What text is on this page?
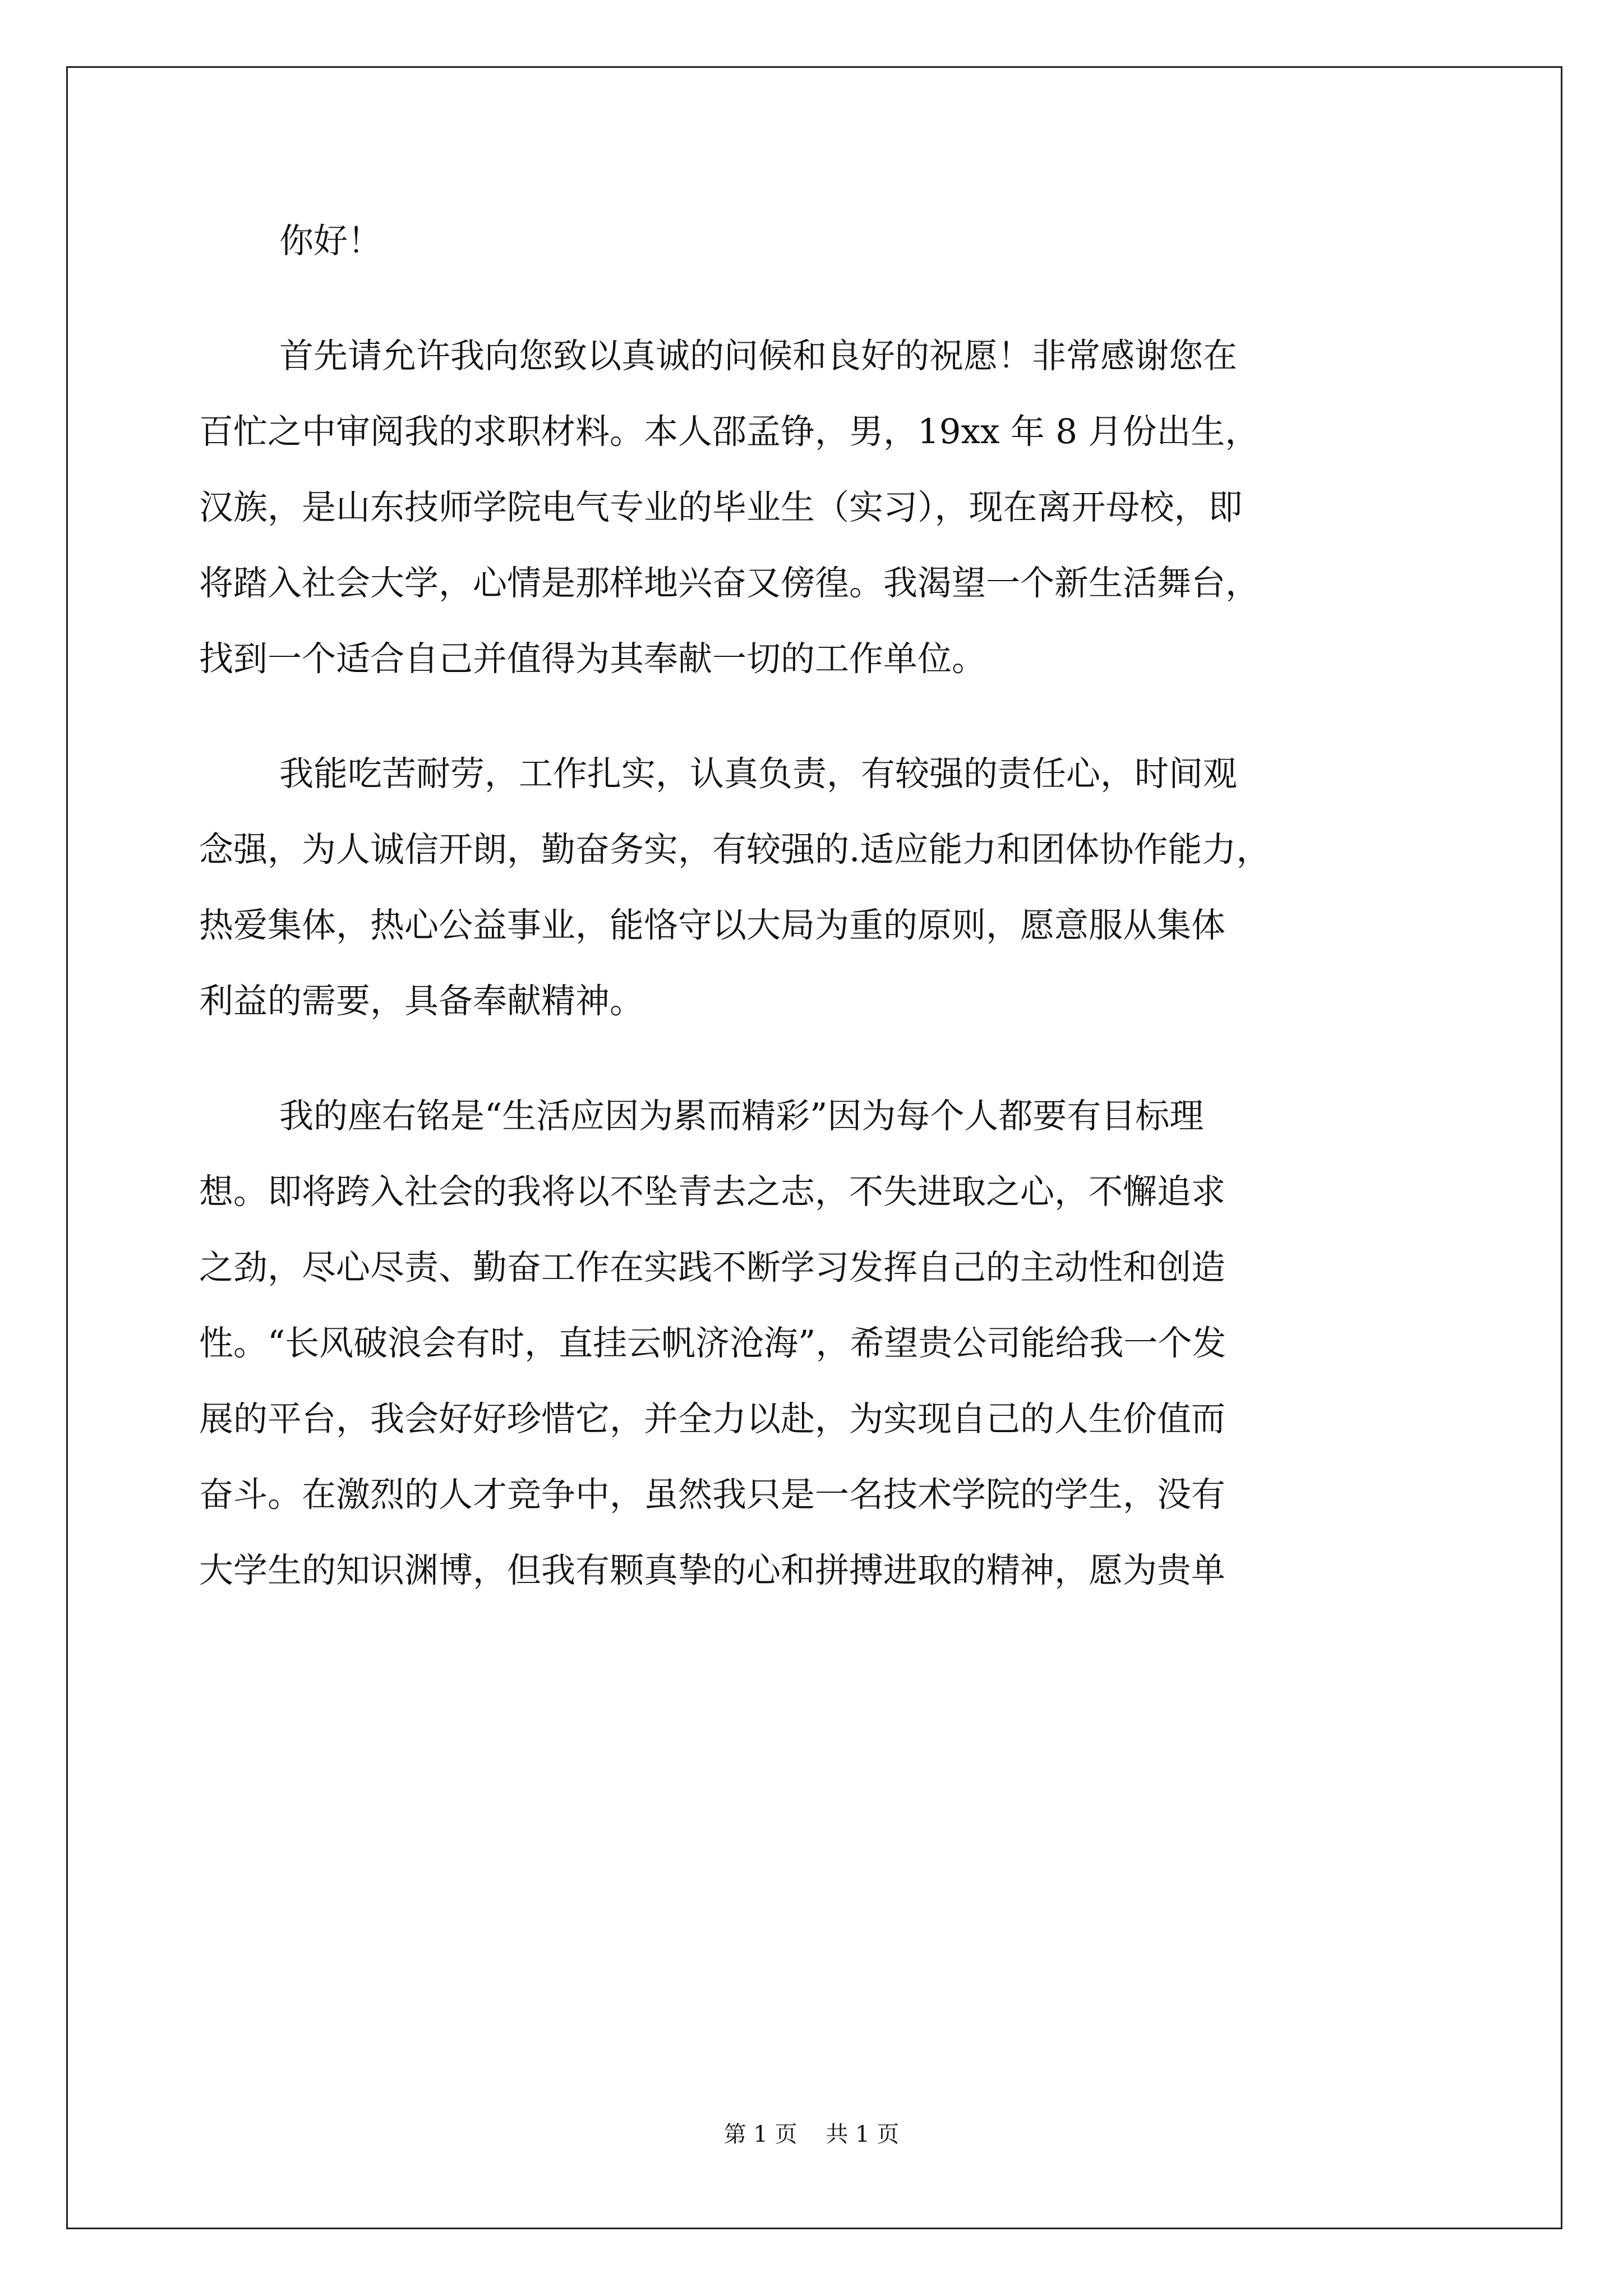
你好！
首先请允许我向您致以真诚的问候和良好的祝愿！非常感谢您在
百忙之中审阅我的求职材料。本人邵孟铮，男，19xx 年 8 月份出生，
汉族，是山东技师学院电气专业的毕业生（实习），现在离开母校，即
将踏入社会大学，心情是那样地兴奋又傍徨。我渴望一个新生活舞台，
找到一个适合自己并值得为其奉献一切的工作单位。
我能吃苦耐劳，工作扎实，认真负责，有较强的责任心，时间观
念强，为人诚信开朗，勤奋务实，有较强的.适应能力和团体协作能力，
热爱集体，热心公益事业，能恪守以大局为重的原则，愿意服从集体
利益的需要，具备奉献精神。
我的座右铭是“生活应因为累而精彩”因为每个人都要有目标理
想。即将跨入社会的我将以不坠青去之志，不失进取之心，不懈追求
之劲，尽心尽责、勤奋工作在实践不断学习发挥自己的主动性和创造
性。“长风破浪会有时，直挂云帆济沧海”，希望贵公司能给我一个发
展的平台，我会好好珍惜它，并全力以赴，为实现自己的人生价值而
奋斗。在激烈的人才竞争中，虽然我只是一名技术学院的学生，没有
大学生的知识渊博，但我有颗真挚的心和拼搏进取的精神，愿为贵单
第 1 页    共 1 页
